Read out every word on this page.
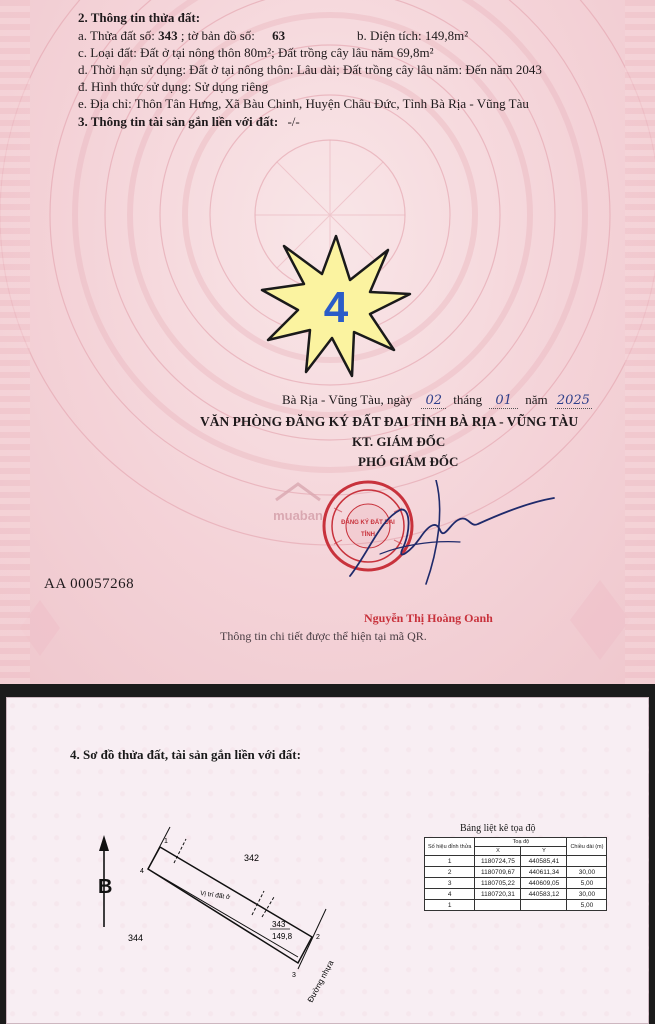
2. Thông tin thửa đất:
a. Thửa đất số: 343 ; tờ bản đồ số: 63	b. Diện tích: 149,8m²
c. Loại đất: Đất ở tại nông thôn 80m²; Đất trồng cây lâu năm 69,8m²
d. Thời hạn sử dụng: Đất ở tại nông thôn: Lâu dài; Đất trồng cây lâu năm: Đến năm 2043
đ. Hình thức sử dụng: Sử dụng riêng
e. Địa chỉ: Thôn Tân Hưng, Xã Bàu Chinh, Huyện Châu Đức, Tỉnh Bà Rịa - Vũng Tàu
3. Thông tin tài sản gắn liền với đất: -/-
4
Bà Rịa - Vũng Tàu, ngày 02 tháng 01 năm 2025
VĂN PHÒNG ĐĂNG KÝ ĐẤT ĐAI TỈNH BÀ RỊA - VŨNG TÀU
KT. GIÁM ĐỐC
PHÓ GIÁM ĐỐC
muaban	ĐĂNG KÝ ĐẤT ĐAI
TỈNH
AA 00057268
Nguyễn Thị Hoàng Oanh
Thông tin chi tiết được thể hiện tại mã QR.
4. Sơ đồ thửa đất, tài sản gắn liền với đất:
B
1
2
3
4
342
Vị trí đất ở
343
149,8
344
Đường nhựa
Bảng liệt kê tọa độ
Số hiệu đỉnh thửa	Toạ độ		Chiều dài (m)
	X	Y	
1	1180724,75	440585,41	
2	1180709,67	440611,34	30,00
3	1180705,22	440609,05	5,00
4	1180720,31	440583,12	30,00
1			5,00
